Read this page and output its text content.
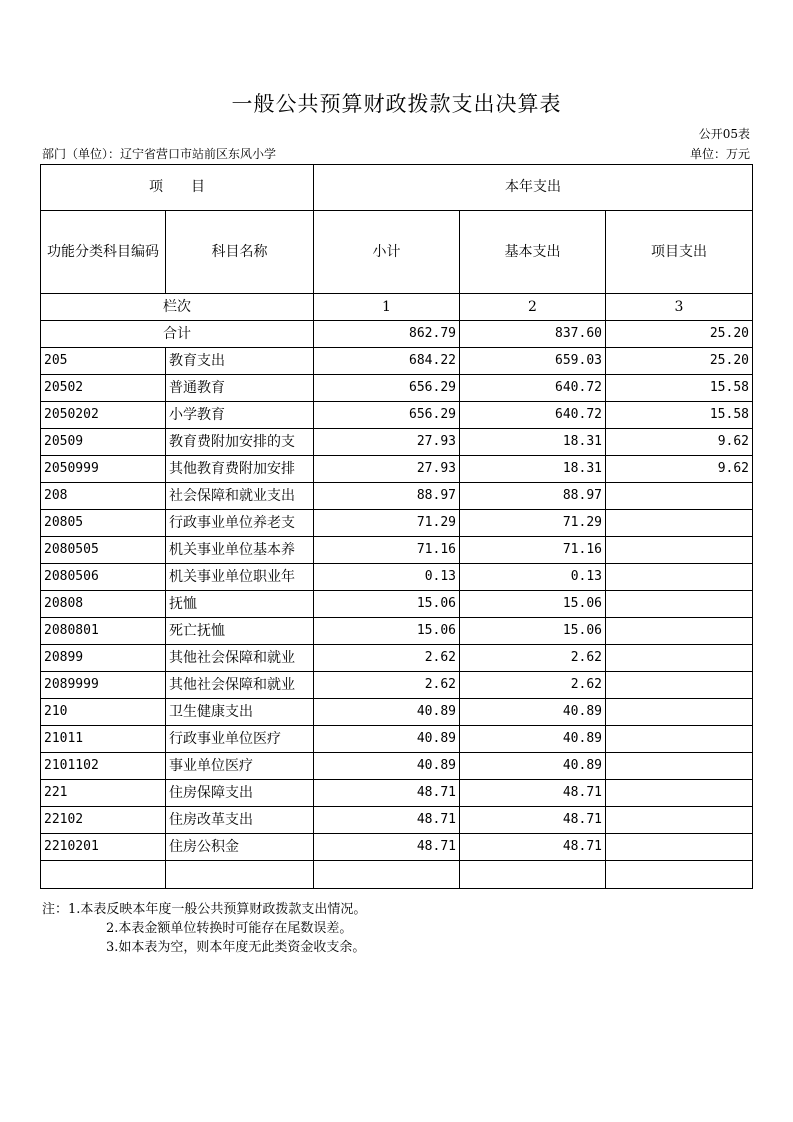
一般公共预算财政拨款支出决算表
公开05表
部门（单位）：辽宁省营口市站前区东风小学	单位：万元
项　　目		本年支出		
功能分类科目编码	科目名称	小计	基本支出	项目支出
栏次		1	2	3
合计		862.79	837.60	25.20
205	教育支出	684.22	659.03	25.20
20502	普通教育	656.29	640.72	15.58
2050202	小学教育	656.29	640.72	15.58
20509	教育费附加安排的支	27.93	18.31	9.62
2050999	其他教育费附加安排	27.93	18.31	9.62
208	社会保障和就业支出	88.97	88.97	
20805	行政事业单位养老支	71.29	71.29	
2080505	机关事业单位基本养	71.16	71.16	
2080506	机关事业单位职业年	0.13	0.13	
20808	抚恤	15.06	15.06	
2080801	死亡抚恤	15.06	15.06	
20899	其他社会保障和就业	2.62	2.62	
2089999	其他社会保障和就业	2.62	2.62	
210	卫生健康支出	40.89	40.89	
21011	行政事业单位医疗	40.89	40.89	
2101102	事业单位医疗	40.89	40.89	
221	住房保障支出	48.71	48.71	
22102	住房改革支出	48.71	48.71	
2210201	住房公积金	48.71	48.71	

注：1.本表反映本年度一般公共预算财政拨款支出情况。
2.本表金额单位转换时可能存在尾数误差。
3.如本表为空，则本年度无此类资金收支余。
